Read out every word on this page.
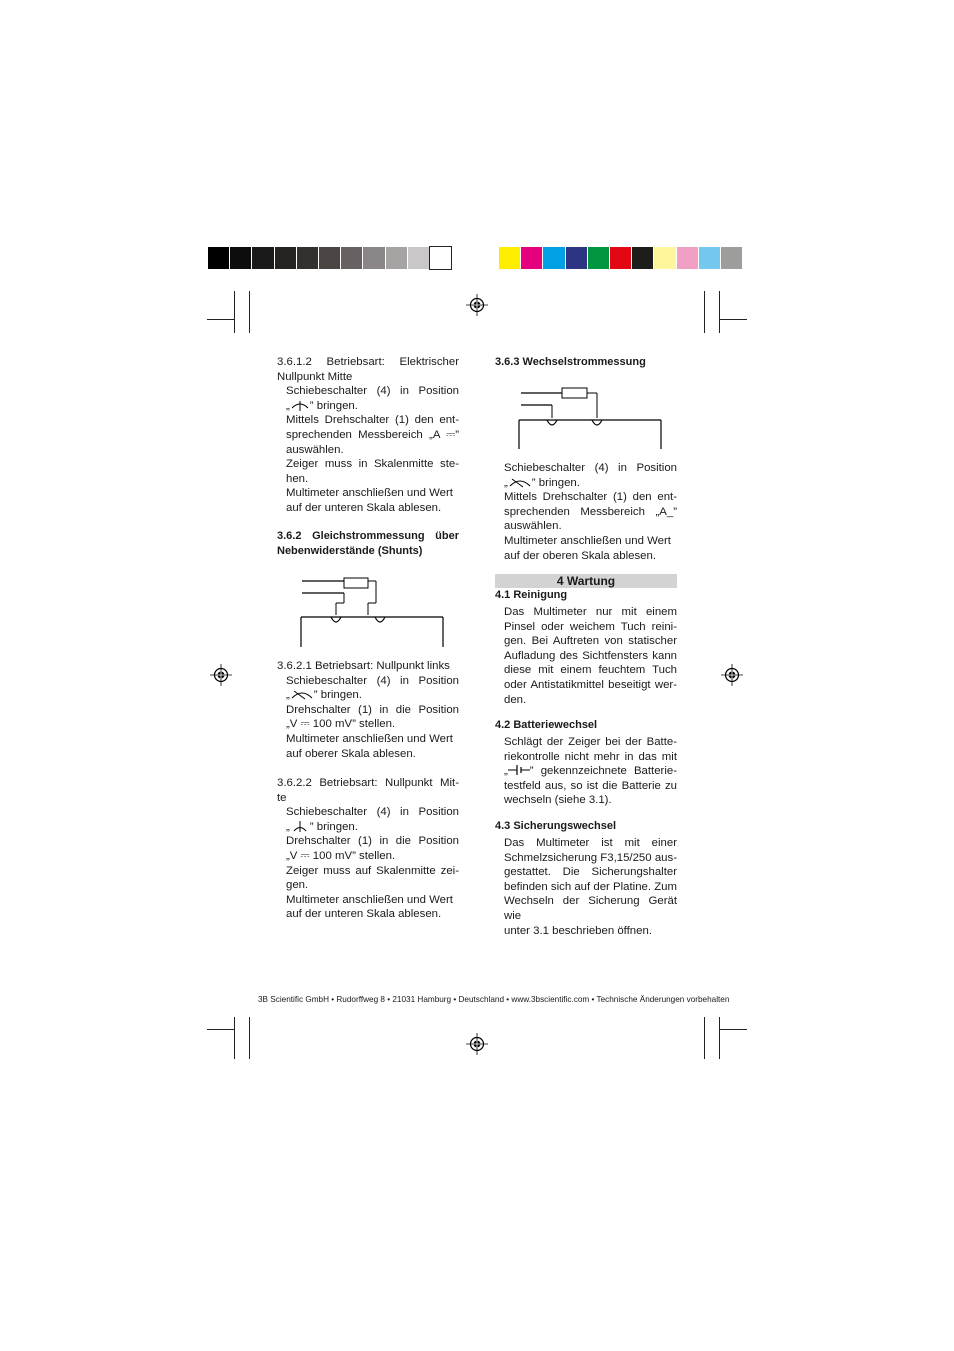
3.6.1.2 Betriebsart: Elektrischer

Nullpunkt Mitte

Schiebeschalter (4) in Position

„ ” bringen.

Mittels Drehschalter (1) den ent-

sprechenden Messbereich „A ⎓”

auswählen.

Zeiger muss in Skalenmitte ste-

hen.

Multimeter anschließen und Wert

auf der unteren Skala ablesen.

3.6.2 Gleichstrommessung über

Nebenwiderstände (Shunts)

3.6.2.1 Betriebsart: Nullpunkt links

Schiebeschalter (4) in Position

„ ” bringen.

Drehschalter (1) in die Position

„V ⎓ 100 mV” stellen.

Multimeter anschließen und Wert

auf oberer Skala ablesen.

3.6.2.2 Betriebsart: Nullpunkt Mit-

te

Schiebeschalter (4) in Position

„ ” bringen.

Drehschalter (1) in die Position

„V ⎓ 100 mV” stellen.

Zeiger muss auf Skalenmitte zei-

gen.

Multimeter anschließen und Wert

auf der unteren Skala ablesen.

3.6.3 Wechselstrommessung

Schiebeschalter (4) in Position

„ ” bringen.

Mittels Drehschalter (1) den ent-

sprechenden Messbereich „A_”

auswählen.

Multimeter anschließen und Wert

auf der oberen Skala ablesen.

4 Wartung

4.1 Reinigung

Das Multimeter nur mit einem

Pinsel oder weichem Tuch reini-

gen. Bei Auftreten von statischer

Aufladung des Sichtfensters kann

diese mit einem feuchtem Tuch

oder Antistatikmittel beseitigt wer-

den.

4.2 Batteriewechsel

Schlägt der Zeiger bei der Batte-

riekontrolle nicht mehr in das mit

„ ” gekennzeichnete Batterie-

testfeld aus, so ist die Batterie zu

wechseln (siehe 3.1).

4.3 Sicherungswechsel

Das Multimeter ist mit einer

Schmelzsicherung F3,15/250 aus-

gestattet. Die Sicherungshalter

befinden sich auf der Platine. Zum

Wechseln der Sicherung Gerät wie

unter 3.1 beschrieben öffnen.

3B Scientific GmbH • Rudorffweg 8 • 21031 Hamburg • Deutschland • www.3bscientific.com • Technische Änderungen vorbehalten
